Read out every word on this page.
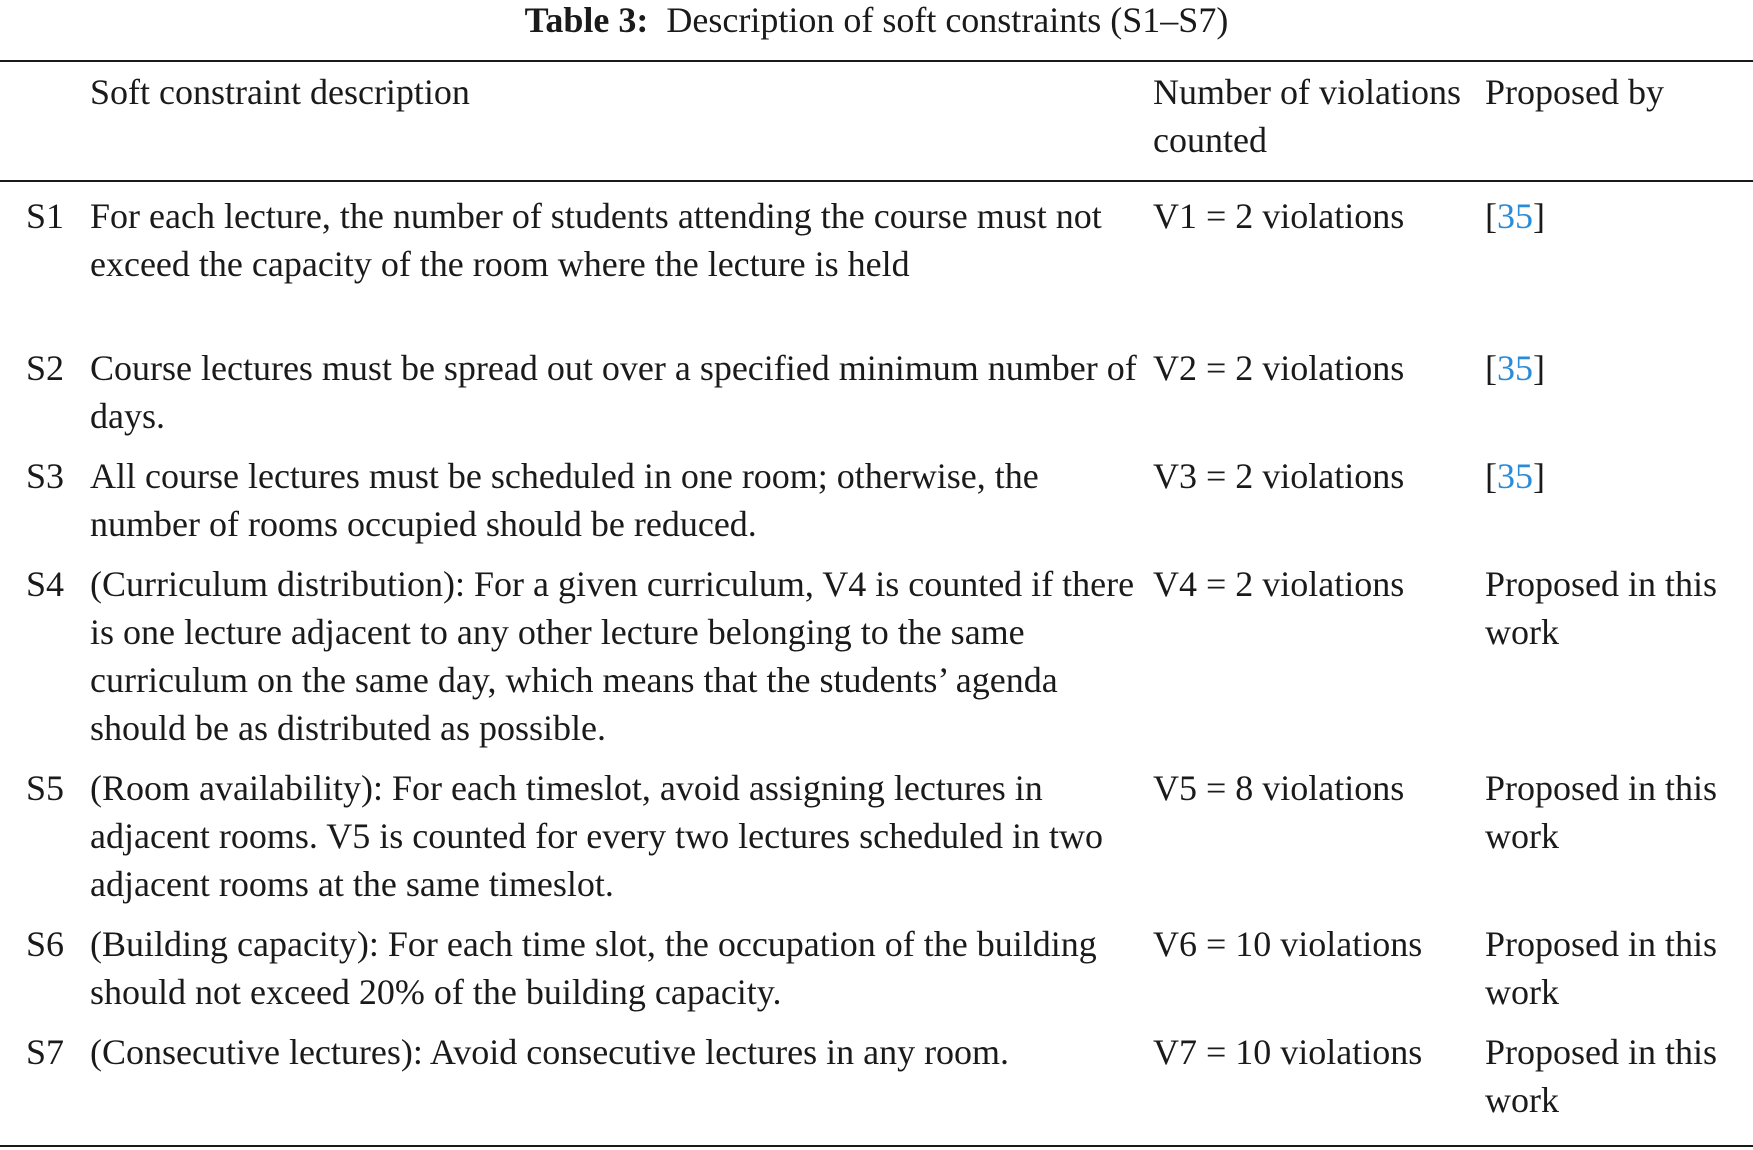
Table 3: Description of soft constraints (S1–S7)
	Soft constraint description	Number of violations counted	Proposed by
S1	For each lecture, the number of students attending the course must not exceed the capacity of the room where the lecture is held	V1 = 2 violations	[35]
S2	Course lectures must be spread out over a specified minimum number of days.	V2 = 2 violations	[35]
S3	All course lectures must be scheduled in one room; otherwise, the number of rooms occupied should be reduced.	V3 = 2 violations	[35]
S4	(Curriculum distribution): For a given curriculum, V4 is counted if there is one lecture adjacent to any other lecture belonging to the same curriculum on the same day, which means that the students’ agenda should be as distributed as possible.	V4 = 2 violations	Proposed in this work
S5	(Room availability): For each timeslot, avoid assigning lectures in adjacent rooms. V5 is counted for every two lectures scheduled in two adjacent rooms at the same timeslot.	V5 = 8 violations	Proposed in this work
S6	(Building capacity): For each time slot, the occupation of the building should not exceed 20% of the building capacity.	V6 = 10 violations	Proposed in this work
S7	(Consecutive lectures): Avoid consecutive lectures in any room.	V7 = 10 violations	Proposed in this work
